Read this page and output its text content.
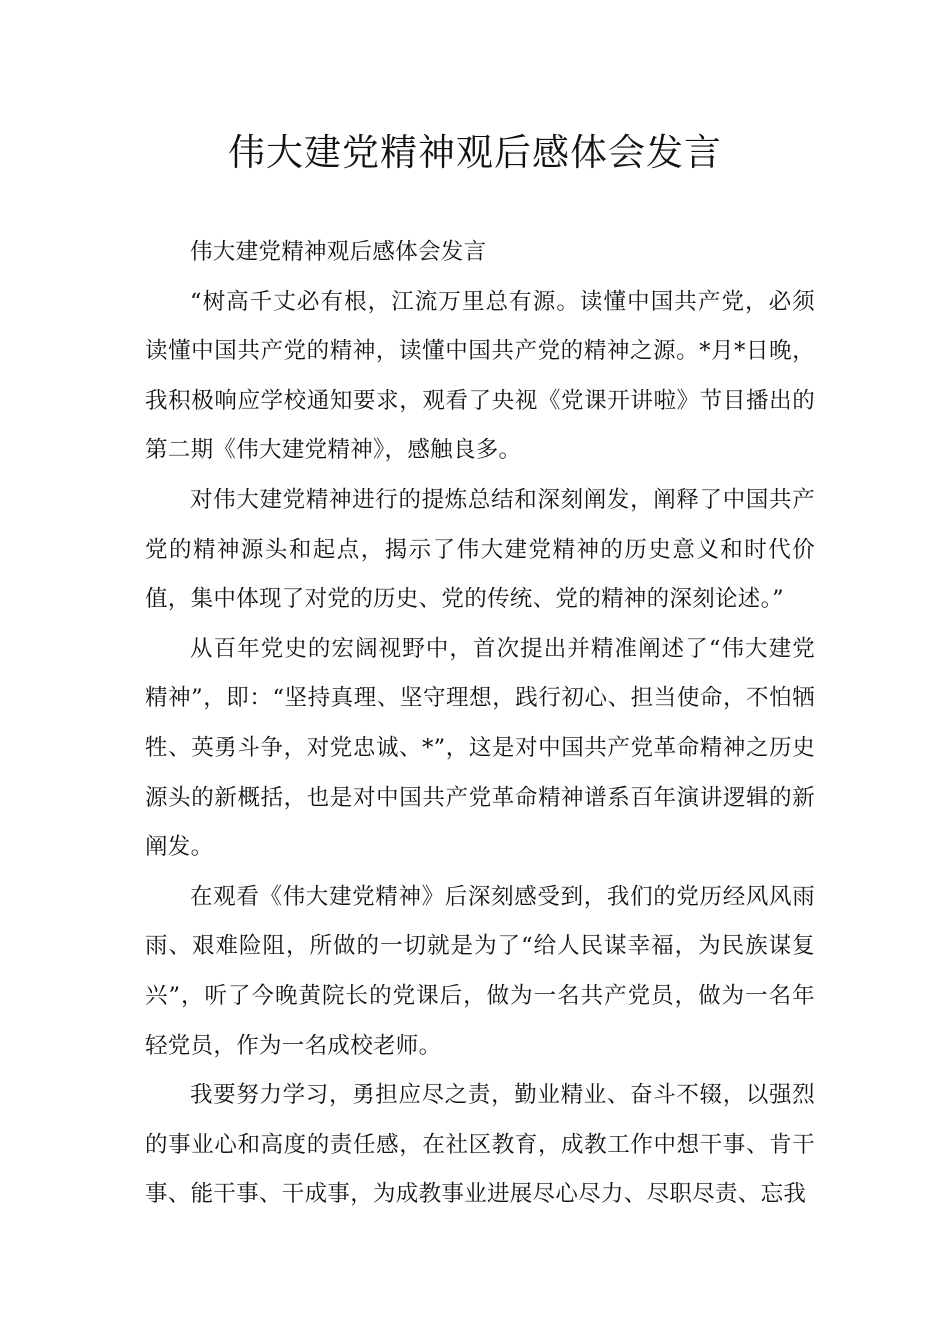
伟大建党精神观后感体会发言

伟大建党精神观后感体会发言

“树高千丈必有根，江流万里总有源。读懂中国共产党，必须读懂中国共产党的精神，读懂中国共产党的精神之源。*月*日晚，我积极响应学校通知要求，观看了央视《党课开讲啦》节目播出的第二期《伟大建党精神》，感触良多。

对伟大建党精神进行的提炼总结和深刻阐发，阐释了中国共产党的精神源头和起点，揭示了伟大建党精神的历史意义和时代价值，集中体现了对党的历史、党的传统、党的精神的深刻论述。”

从百年党史的宏阔视野中，首次提出并精准阐述了“伟大建党精神”，即：“坚持真理、坚守理想，践行初心、担当使命，不怕牺牲、英勇斗争，对党忠诚、*”，这是对中国共产党革命精神之历史源头的新概括，也是对中国共产党革命精神谱系百年演讲逻辑的新阐发。

在观看《伟大建党精神》后深刻感受到，我们的党历经风风雨雨、艰难险阻，所做的一切就是为了“给人民谋幸福，为民族谋复兴”，听了今晚黄院长的党课后，做为一名共产党员，做为一名年轻党员，作为一名成校老师。

我要努力学习，勇担应尽之责，勤业精业、奋斗不辍，以强烈的事业心和高度的责任感，在社区教育，成教工作中想干事、肯干事、能干事、干成事，为成教事业进展尽心尽力、尽职尽责、忘我
